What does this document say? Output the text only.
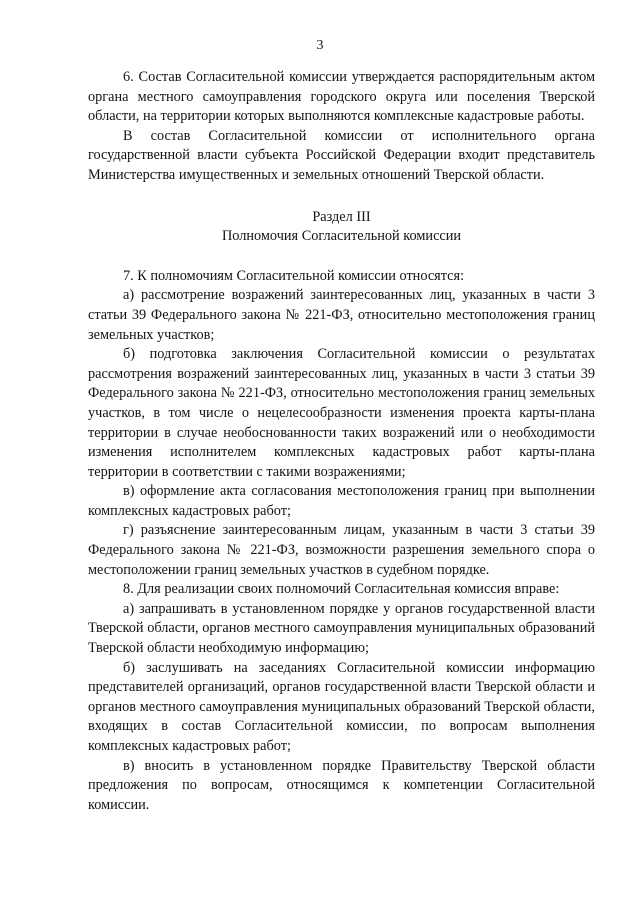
3

6. Состав Согласительной комиссии утверждается распорядительным актом органа местного самоуправления городского округа или поселения Тверской области, на территории которых выполняются комплексные кадастровые работы.

В состав Согласительной комиссии от исполнительного органа государственной власти субъекта Российской Федерации входит представитель Министерства имущественных и земельных отношений Тверской области.

Раздел III
Полномочия Согласительной комиссии

7. К полномочиям Согласительной комиссии относятся:

а) рассмотрение возражений заинтересованных лиц, указанных в части 3 статьи 39 Федерального закона № 221-ФЗ, относительно местоположения границ земельных участков;

б) подготовка заключения Согласительной комиссии о результатах рассмотрения возражений заинтересованных лиц, указанных в части 3 статьи 39 Федерального закона № 221-ФЗ, относительно местоположения границ земельных участков, в том числе о нецелесообразности изменения проекта карты-плана территории в случае необоснованности таких возражений или о необходимости изменения исполнителем комплексных кадастровых работ карты-плана территории в соответствии с такими возражениями;

в) оформление акта согласования местоположения границ при выполнении комплексных кадастровых работ;

г) разъяснение заинтересованным лицам, указанным в части 3 статьи 39 Федерального закона № 221-ФЗ, возможности разрешения земельного спора о местоположении границ земельных участков в судебном порядке.

8. Для реализации своих полномочий Согласительная комиссия вправе:

а) запрашивать в установленном порядке у органов государственной власти Тверской области, органов местного самоуправления муниципальных образований Тверской области необходимую информацию;

б) заслушивать на заседаниях Согласительной комиссии информацию представителей организаций, органов государственной власти Тверской области и органов местного самоуправления муниципальных образований Тверской области, входящих в состав Согласительной комиссии, по вопросам выполнения комплексных кадастровых работ;

в) вносить в установленном порядке Правительству Тверской области предложения по вопросам, относящимся к компетенции Согласительной комиссии.
